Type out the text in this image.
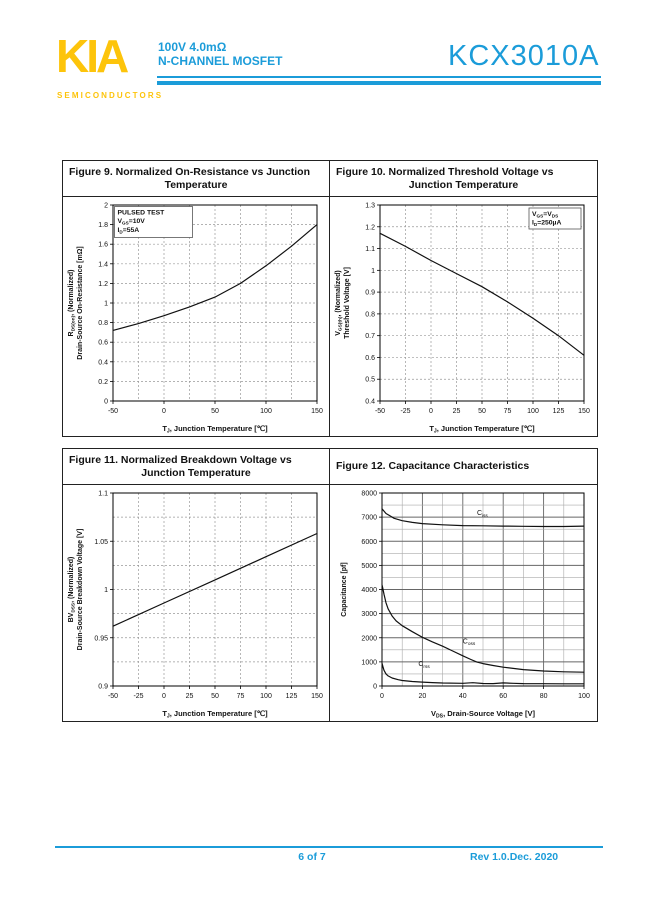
KIA
SEMICONDUCTORS
100V 4.0mΩ
N-CHANNEL MOSFET	KCX3010A
Figure 9. Normalized On-Resistance vs Junction
Temperature
-50	0	50	100	150
0
0.2
0.4
0.6
0.8
1
1.2
1.4
1.6
1.8
2
$T_J$, Junction Temperature [℃]
$R_{DS(on)}$, (Normalized) Drain-Source On-Resistance [mΩ]
PULSED TEST
$V_{GS}=10V$
$I_D=55A$
Figure 10. Normalized Threshold Voltage vs
Junction Temperature
-50 -25	0	25	50	75 100 125 150
0.4
0.5
0.6
0.7
0.8
0.9
1
1.1
1.2
1.3
$T_J$, Junction Temperature [℃]
$V_{GS(th)}$, (Normalized) Threshold Voltage [V]
$V_{GS}=V_{DS}$
$I_D=250\mu A$
Figure 11. Normalized Breakdown Voltage vs
Junction Temperature
-50 -25	0	25	50	75 100 125 150
0.9
0.95
1
1.05
1.1
$T_J$, Junction Temperature [℃]
$BV_{DSS}$, (Normalized) Drain-Source Breakdown Voltage [V]
Figure 12. Capacitance Characteristics
0	20	40	60	80	100
0
1000
2000
3000
4000
5000
6000
7000
8000
$V_{DS}$, Drain-Source Voltage [V]
Capacitance [pf]
$C_{iss}$
$C_{oss}$
$C_{rss}$
6 of 7	Rev 1.0.Dec. 2020
